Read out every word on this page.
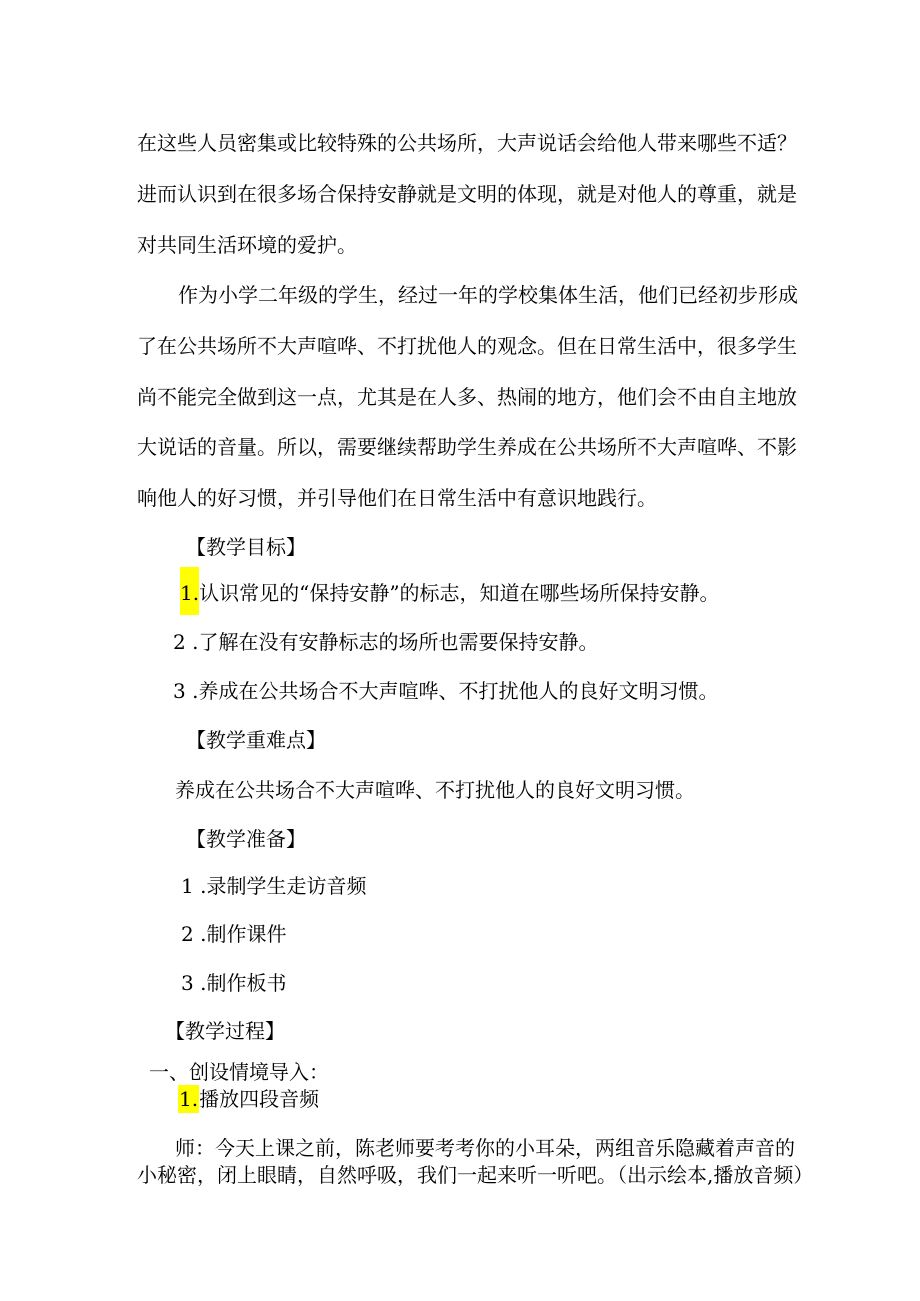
在这些人员密集或比较特殊的公共场所，大声说话会给他人带来哪些不适？

进而认识到在很多场合保持安静就是文明的体现，就是对他人的尊重，就是

对共同生活环境的爱护。

作为小学二年级的学生，经过一年的学校集体生活，他们已经初步形成

了在公共场所不大声喧哗、不打扰他人的观念。但在日常生活中，很多学生

尚不能完全做到这一点，尤其是在人多、热闹的地方，他们会不由自主地放

大说话的音量。所以，需要继续帮助学生养成在公共场所不大声喧哗、不影

响他人的好习惯，并引导他们在日常生活中有意识地践行。

【教学目标】

1.认识常见的“保持安静”的标志，知道在哪些场所保持安静。

2 .了解在没有安静标志的场所也需要保持安静。

3 .养成在公共场合不大声喧哗、不打扰他人的良好文明习惯。

【教学重难点】

养成在公共场合不大声喧哗、不打扰他人的良好文明习惯。

【教学准备】

1 .录制学生走访音频

2 .制作课件

3 .制作板书

【教学过程】

一、创设情境导入：

1.播放四段音频

师：今天上课之前，陈老师要考考你的小耳朵，两组音乐隐藏着声音的

小秘密，闭上眼睛，自然呼吸，我们一起来听一听吧。（出示绘本,播放音频）
